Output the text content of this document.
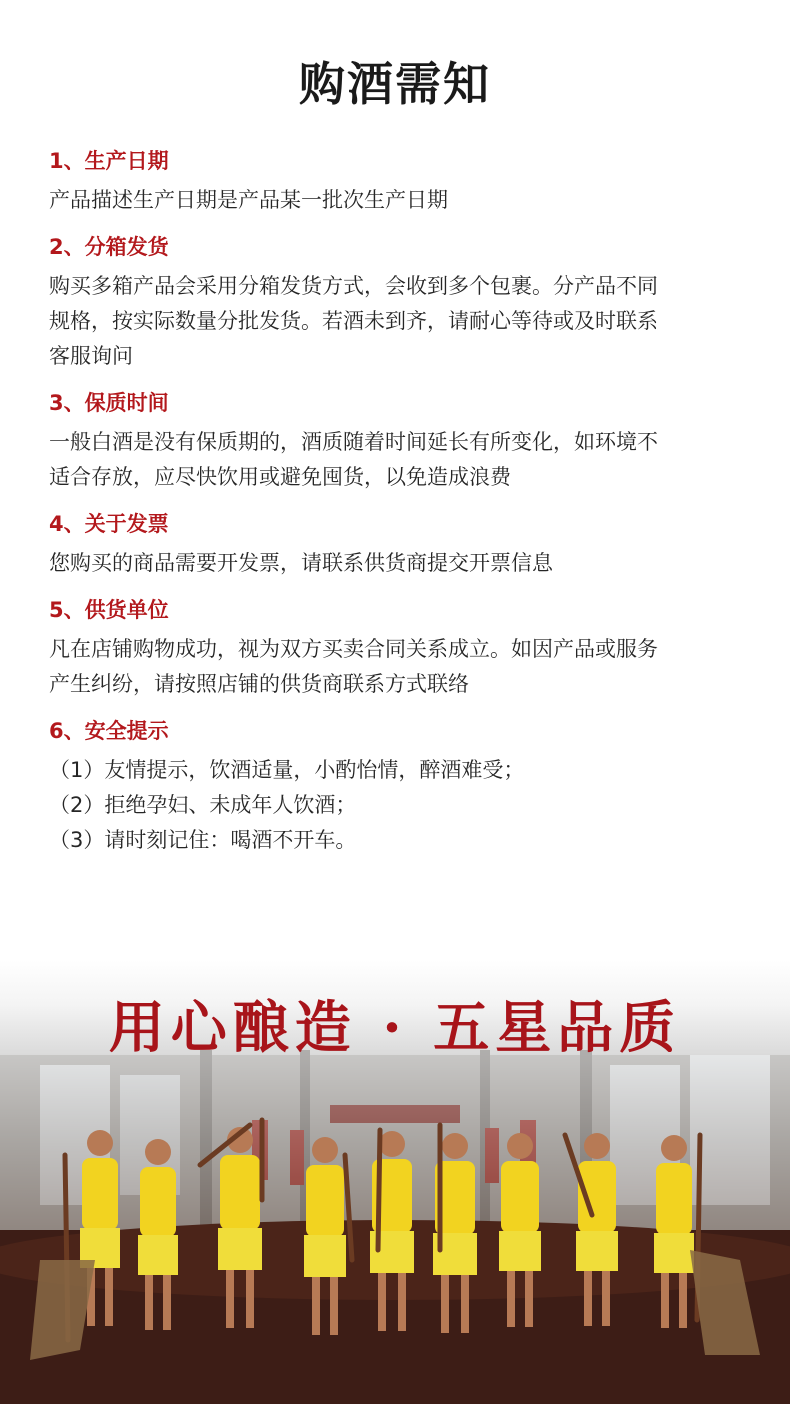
购酒需知
1、生产日期

产品描述生产日期是产品某一批次生产日期

2、分箱发货

购买多箱产品会采用分箱发货方式，会收到多个包裹。分产品不同

规格，按实际数量分批发货。若酒未到齐，请耐心等待或及时联系

客服询问

3、保质时间

一般白酒是没有保质期的，酒质随着时间延长有所变化，如环境不

适合存放，应尽快饮用或避免囤货，以免造成浪费

4、关于发票

您购买的商品需要开发票，请联系供货商提交开票信息

5、供货单位

凡在店铺购物成功，视为双方买卖合同关系成立。如因产品或服务

产生纠纷，请按照店铺的供货商联系方式联络

6、安全提示

（1）友情提示，饮酒适量，小酌怡情，醉酒难受；

（2）拒绝孕妇、未成年人饮酒；

（3）请时刻记住：喝酒不开车。

用心酿造 · 五星品质
